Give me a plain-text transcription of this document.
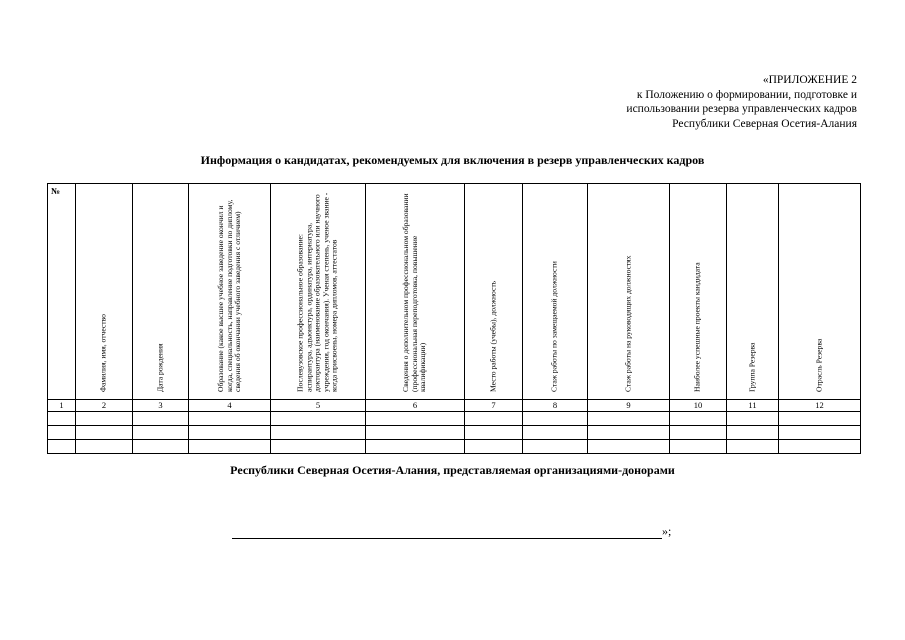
«ПРИЛОЖЕНИЕ 2
к Положению о формировании, подготовке и
использовании резерва управленческих кадров
Республики Северная Осетия-Алания
Информация о кандидатах, рекомендуемых для включения в резерв управленческих кадров
№	Фамилия, имя, отчество	Дата рождения	Образование (какое высшее учебное заведение окончил и когда, специальность, направление подготовки по диплому, сведения об окончании учебного заведения с отличием)	Послевузовское профессиональное образование: аспирантура, адъюнктура, ординатура, интернатура, докторантура (наименование образовательного или научного учреждения, год окончания). Ученая степень, ученое звание - когда присвоены, номера дипломов, аттестатов	Сведения о дополнительном профессиональном образовании (профессиональная переподготовка, повышение квалификации)	Место работы (учебы), должность	Стаж работы по замещаемой должности	Стаж работы на руководящих должностях	Наиболее успешные проекты кандидата	Группа Резерва	Отрасль Резерва

1	2	3	4	5	6	7	8	9	10	11	12

Республики Северная Осетия-Алания, представляемая организациями-донорами
»;
